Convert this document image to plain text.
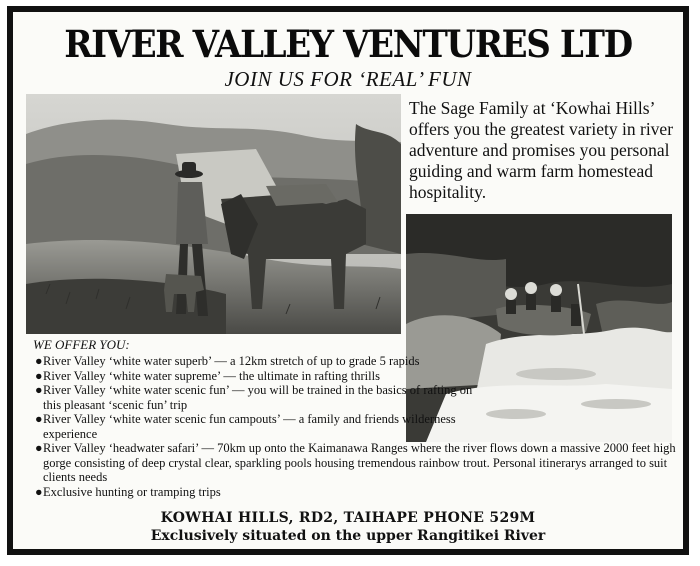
RIVER VALLEY VENTURES LTD
JOIN US FOR ‘REAL’ FUN
The Sage Family at ‘Kowhai Hills’ offers you the greatest variety in river adventure and promises you personal guiding and warm farm homestead hospitality.
WE OFFER YOU:

●River Valley ‘white water superb’ — a 12km stretch of up to grade 5 rapids

●River Valley ‘white water supreme’ — the ultimate in rafting thrills

●River Valley ‘white water scenic fun’ — you will be trained in the basics of rafting on this pleasant ‘scenic fun’ trip

●River Valley ‘white water scenic fun campouts’ — a family and friends wilderness experience

●River Valley ‘headwater safari’ — 70km up onto the Kaimanawa Ranges where the river flows down a massive 2000 feet high gorge consisting of deep crystal clear, sparkling pools housing tremendous rainbow trout. Personal itinerarys arranged to suit clients needs

●Exclusive hunting or tramping trips

KOWHAI HILLS, RD2, TAIHAPE PHONE 529M
Exclusively situated on the upper Rangitikei River
